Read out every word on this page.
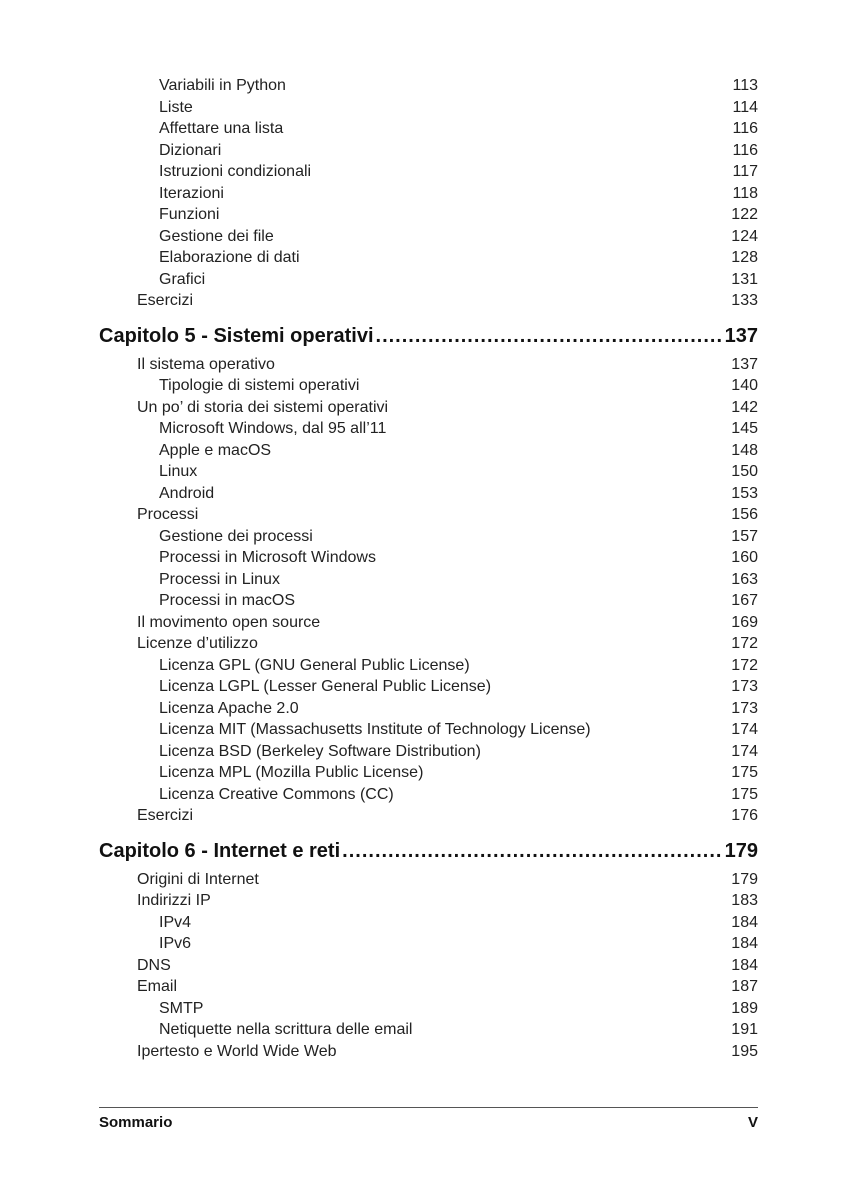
Variabili in Python	113
Liste	114
Affettare una lista	116
Dizionari	116
Istruzioni condizionali	117
Iterazioni	118
Funzioni	122
Gestione dei file	124
Elaborazione di dati	128
Grafici	131
Esercizi	133
Capitolo 5 - Sistemi operativi .....	137
Il sistema operativo	137
Tipologie di sistemi operativi	140
Un po’ di storia dei sistemi operativi	142
Microsoft Windows, dal 95 all’11	145
Apple e macOS	148
Linux	150
Android	153
Processi	156
Gestione dei processi	157
Processi in Microsoft Windows	160
Processi in Linux	163
Processi in macOS	167
Il movimento open source	169
Licenze d’utilizzo	172
Licenza GPL (GNU General Public License)	172
Licenza LGPL (Lesser General Public License)	173
Licenza Apache 2.0	173
Licenza MIT (Massachusetts Institute of Technology License)	174
Licenza BSD (Berkeley Software Distribution)	174
Licenza MPL (Mozilla Public License)	175
Licenza Creative Commons (CC)	175
Esercizi	176
Capitolo 6 - Internet e reti .....	179
Origini di Internet	179
Indirizzi IP	183
IPv4	184
IPv6	184
DNS	184
Email	187
SMTP	189
Netiquette nella scrittura delle email	191
Ipertesto e World Wide Web	195
Sommario	V
